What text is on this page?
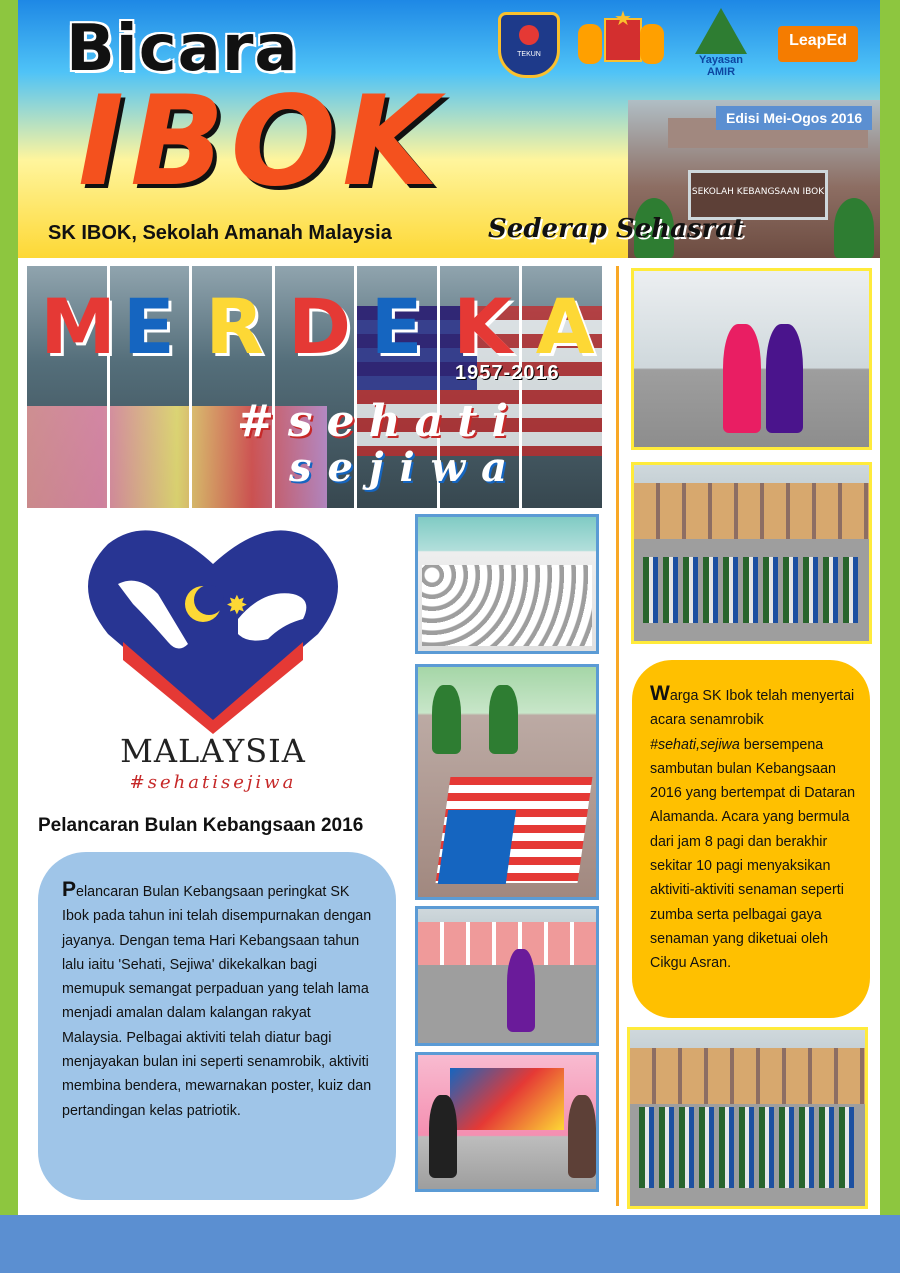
SEKOLAH KEBANGSAAN IBOK
Bicara
IBOK
SK IBOK, Sekolah Amanah Malaysia	Sederap Sehasrat
Edisi Mei-Ogos 2016
TEKUN
★
Yayasan
AMIR
LeapEd
M E R D E K A
1957-2016
#sehati
sejiwa
Warga SK Ibok telah menyertai acara senamrobik #sehati,sejiwa bersempena sambutan bulan Kebangsaan 2016 yang bertempat di Dataran Alamanda. Acara yang bermula dari jam 8 pagi dan berakhir sekitar 10 pagi menyaksikan aktiviti-aktiviti senaman seperti zumba serta pelbagai gaya senaman yang diketuai oleh Cikgu Asran.
✸
MALAYSIA
#sehatisejiwa
Pelancaran Bulan Kebangsaan 2016
Pelancaran Bulan Kebangsaan peringkat SK Ibok pada tahun ini telah disempurnakan dengan jayanya. Dengan tema Hari Kebangsaan tahun lalu iaitu 'Sehati, Sejiwa' dikekalkan bagi memupuk semangat perpaduan yang telah lama menjadi amalan dalam kalangan rakyat Malaysia. Pelbagai aktiviti telah diatur bagi menjayakan bulan ini seperti senamrobik, aktiviti membina bendera, mewarnakan poster, kuiz dan pertandingan kelas patriotik.
